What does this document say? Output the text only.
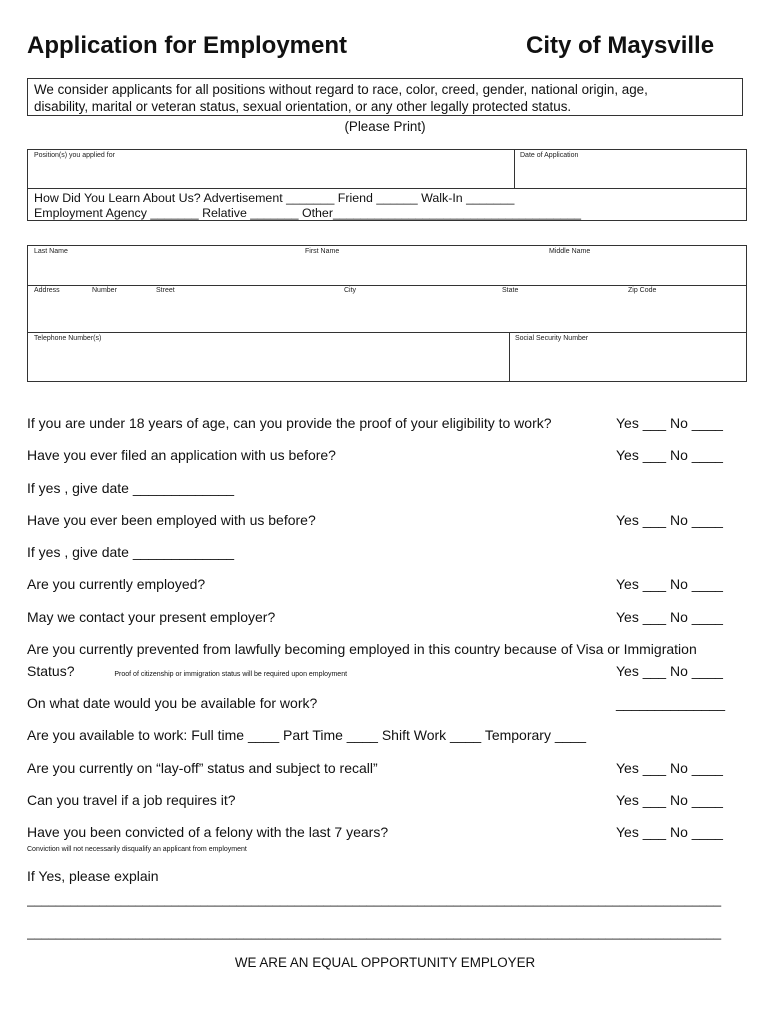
Application for Employment	City of Maysville
We consider applicants for all positions without regard to race, color, creed, gender, national origin, age,
disability, marital or veteran status, sexual orientation, or any other legally protected status.
(Please Print)
Position(s) you applied for	Date of Application
How Did You Learn About Us? Advertisement _______ Friend ______ Walk-In _______
Employment Agency _______ Relative _______ Other____________________________________
Last Name	First Name	Middle Name
Address	Number	Street	City	State	Zip Code
Telephone Number(s)	Social Security Number
If you are under 18 years of age, can you provide the proof of your eligibility to work?	Yes ___ No ____
Have you ever filed an application with us before?	Yes ___ No ____
If yes , give date _____________
Have you ever been employed with us before?	Yes ___ No ____
If yes , give date _____________
Are you currently employed?	Yes ___ No ____
May we contact your present employer?	Yes ___ No ____
Are you currently prevented from lawfully becoming employed in this country because of Visa or Immigration
Status?	Proof of citizenship or immigration status will be required upon employment	Yes ___ No ____
On what date would you be available for work?	______________
Are you available to work: Full time ____ Part Time ____ Shift Work ____ Temporary ____
Are you currently on “lay-off” status and subject to recall”	Yes ___ No ____
Can you travel if a job requires it?	Yes ___ No ____
Have you been convicted of a felony with the last 7 years?	Yes ___ No ____
Conviction will not necessarily disqualify an applicant from employment
If Yes, please explain
________________________________________________________________________________________________
________________________________________________________________________________________________
WE ARE AN EQUAL OPPORTUNITY EMPLOYER
